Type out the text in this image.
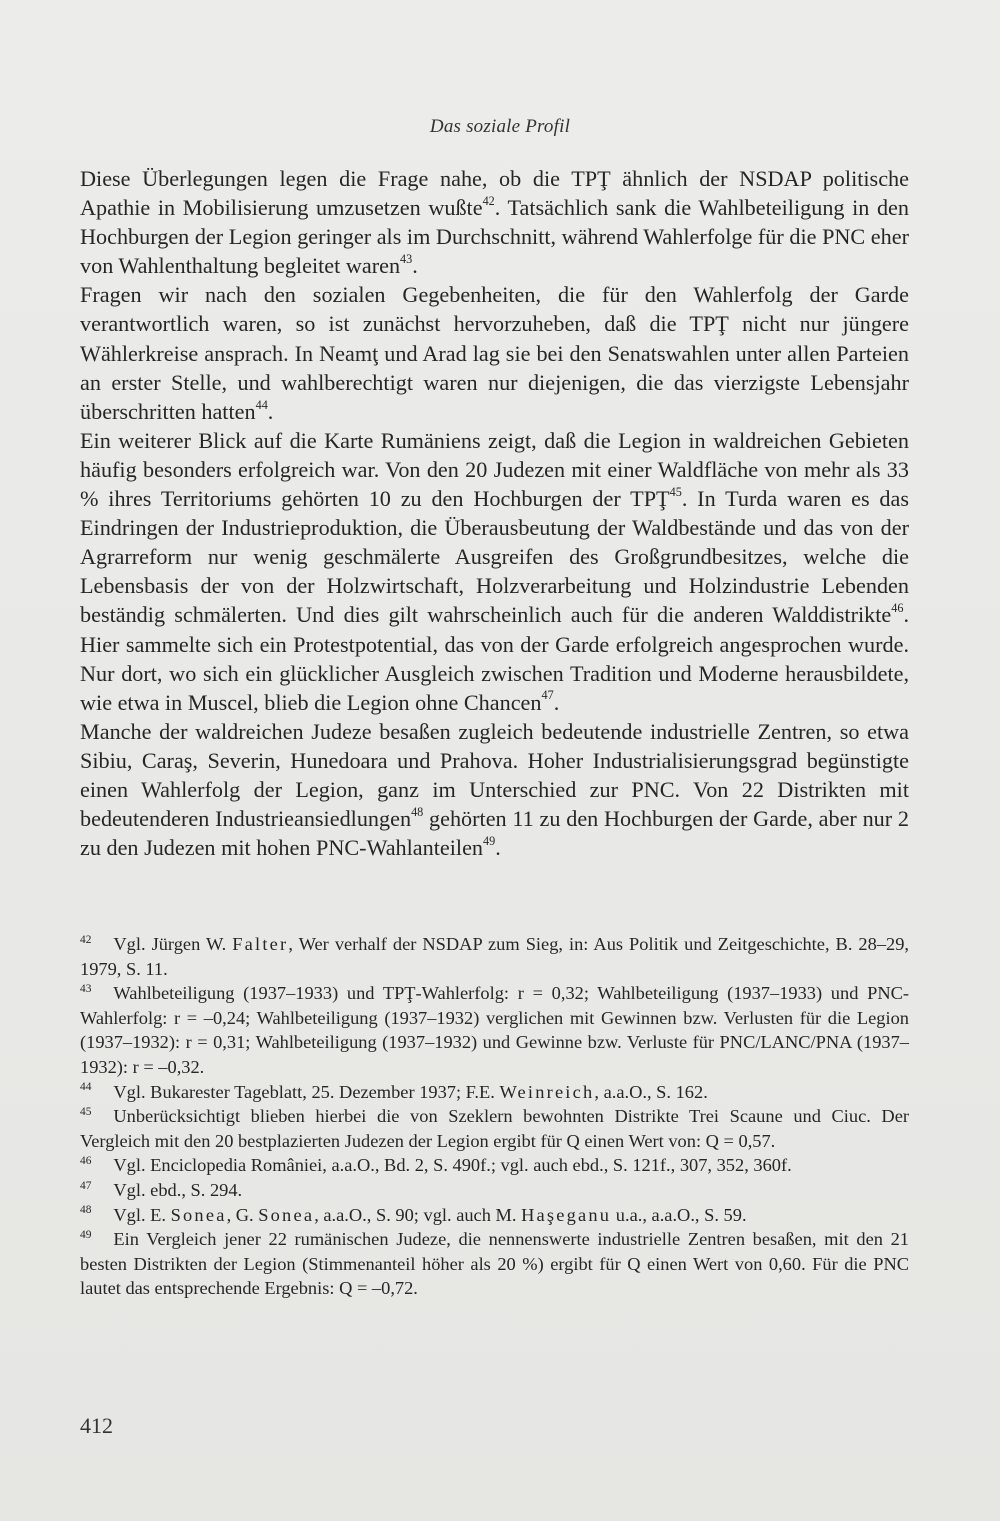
Das soziale Profil

Diese Überlegungen legen die Frage nahe, ob die TPŢ ähnlich der NSDAP politische Apathie in Mobilisierung umzusetzen wußte$^{42}$. Tatsächlich sank die Wahlbeteiligung in den Hochburgen der Legion geringer als im Durchschnitt, während Wahlerfolge für die PNC eher von Wahlenthaltung begleitet waren$^{43}$.

Fragen wir nach den sozialen Gegebenheiten, die für den Wahlerfolg der Garde verantwortlich waren, so ist zunächst hervorzuheben, daß die TPŢ nicht nur jüngere Wählerkreise ansprach. In Neamţ und Arad lag sie bei den Senatswahlen unter allen Parteien an erster Stelle, und wahlberechtigt waren nur diejenigen, die das vierzigste Lebensjahr überschritten hatten$^{44}$.

Ein weiterer Blick auf die Karte Rumäniens zeigt, daß die Legion in waldreichen Gebieten häufig besonders erfolgreich war. Von den 20 Judezen mit einer Waldfläche von mehr als 33 % ihres Territoriums gehörten 10 zu den Hochburgen der TPŢ$^{45}$. In Turda waren es das Eindringen der Industrieproduktion, die Überausbeutung der Waldbestände und das von der Agrarreform nur wenig geschmälerte Ausgreifen des Großgrundbesitzes, welche die Lebensbasis der von der Holzwirtschaft, Holzverarbeitung und Holzindustrie Lebenden beständig schmälerten. Und dies gilt wahrscheinlich auch für die anderen Walddistrikte$^{46}$. Hier sammelte sich ein Protestpotential, das von der Garde erfolgreich angesprochen wurde. Nur dort, wo sich ein glücklicher Ausgleich zwischen Tradition und Moderne herausbildete, wie etwa in Muscel, blieb die Legion ohne Chancen$^{47}$.

Manche der waldreichen Judeze besaßen zugleich bedeutende industrielle Zentren, so etwa Sibiu, Caraş, Severin, Hunedoara und Prahova. Hoher Industrialisierungsgrad begünstigte einen Wahlerfolg der Legion, ganz im Unterschied zur PNC. Von 22 Distrikten mit bedeutenderen Industrieansiedlungen$^{48}$ gehörten 11 zu den Hochburgen der Garde, aber nur 2 zu den Judezen mit hohen PNC-Wahlanteilen$^{49}$.

$^{42}$ Vgl. Jürgen W. Falter, Wer verhalf der NSDAP zum Sieg, in: Aus Politik und Zeitgeschichte, B. 28–29, 1979, S. 11.

$^{43}$ Wahlbeteiligung (1937–1933) und TPŢ-Wahlerfolg: r = 0,32; Wahlbeteiligung (1937–1933) und PNC-Wahlerfolg: r = –0,24; Wahlbeteiligung (1937–1932) verglichen mit Gewinnen bzw. Verlusten für die Legion (1937–1932): r = 0,31; Wahlbeteiligung (1937–1932) und Gewinne bzw. Verluste für PNC/LANC/PNA (1937–1932): r = –0,32.

$^{44}$ Vgl. Bukarester Tageblatt, 25. Dezember 1937; F.E. Weinreich, a.a.O., S. 162.

$^{45}$ Unberücksichtigt blieben hierbei die von Szeklern bewohnten Distrikte Trei Scaune und Ciuc. Der Vergleich mit den 20 bestplazierten Judezen der Legion ergibt für Q einen Wert von: Q = 0,57.

$^{46}$ Vgl. Enciclopedia României, a.a.O., Bd. 2, S. 490f.; vgl. auch ebd., S. 121f., 307, 352, 360f.

$^{47}$ Vgl. ebd., S. 294.

$^{48}$ Vgl. E. Sonea, G. Sonea, a.a.O., S. 90; vgl. auch M. Haşeganu u.a., a.a.O., S. 59.

$^{49}$ Ein Vergleich jener 22 rumänischen Judeze, die nennenswerte industrielle Zentren besaßen, mit den 21 besten Distrikten der Legion (Stimmenanteil höher als 20 %) ergibt für Q einen Wert von 0,60. Für die PNC lautet das entsprechende Ergebnis: Q = –0,72.

412
